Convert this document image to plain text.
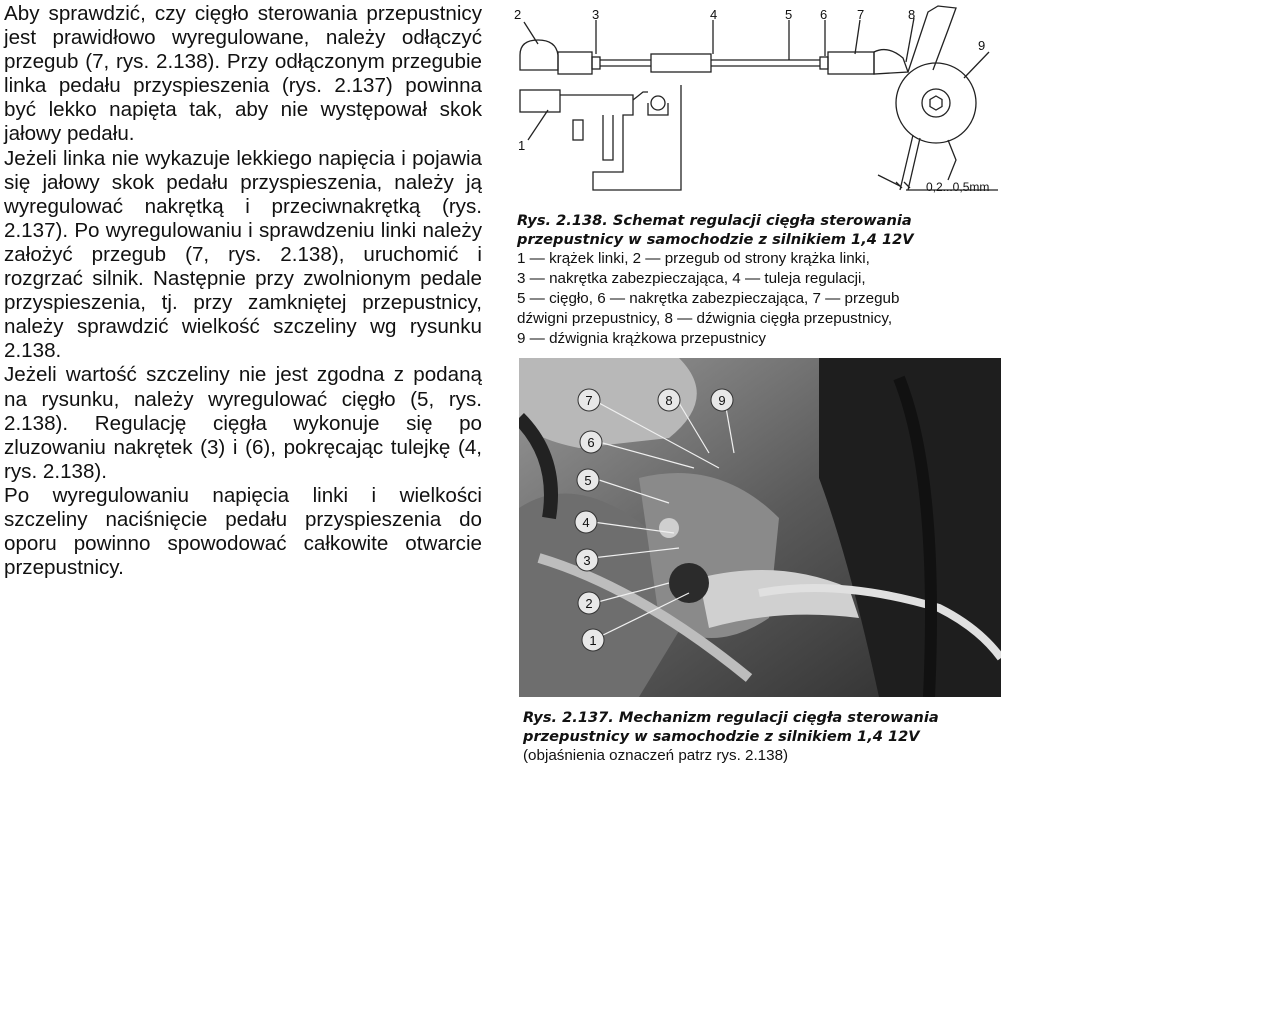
Aby sprawdzić, czy cięgło sterowania przepustnicy jest prawidłowo wyregulowane, należy odłączyć przegub (7, rys. 2.138). Przy odłączonym przegubie linka pedału przyspieszenia (rys. 2.137) powinna być lekko napięta tak, aby nie występował skok jałowy pedału.

Jeżeli linka nie wykazuje lekkiego napięcia i pojawia się jałowy skok pedału przyspieszenia, należy ją wyregulować nakrętką i przeciwnakrętką (rys. 2.137). Po wyregulowaniu i sprawdzeniu linki należy założyć przegub (7, rys. 2.138), uruchomić i rozgrzać silnik. Następnie przy zwolnionym pedale przyspieszenia, tj. przy zamkniętej przepustnicy, należy sprawdzić wielkość szczeliny wg rysunku 2.138.

Jeżeli wartość szczeliny nie jest zgodna z podaną na rysunku, należy wyregulować cięgło (5, rys. 2.138). Regulację cięgła wykonuje się po zluzowaniu nakrętek (3) i (6), pokręcając tulejkę (4, rys. 2.138).

Po wyregulowaniu napięcia linki i wielkości szczeliny naciśnięcie pedału przyspieszenia do oporu powinno spowodować całkowite otwarcie przepustnicy.

2	3	4	5 6 7	8
9
1
0,2...0,5mm

Rys. 2.138. Schemat regulacji cięgła sterowania

przepustnicy w samochodzie z silnikiem 1,4 12V

1 — krążek linki, 2 — przegub od strony krążka linki,

3 — nakrętka zabezpieczająca, 4 — tuleja regulacji,

5 — cięgło, 6 — nakrętka zabezpieczająca, 7 — przegub

dźwigni przepustnicy, 8 — dźwignia cięgła przepustnicy,

9 — dźwignia krążkowa przepustnicy

7	8	9
6
5
4
3
2
1

Rys. 2.137. Mechanizm regulacji cięgła sterowania

przepustnicy w samochodzie z silnikiem 1,4 12V

(objaśnienia oznaczeń patrz rys. 2.138)
